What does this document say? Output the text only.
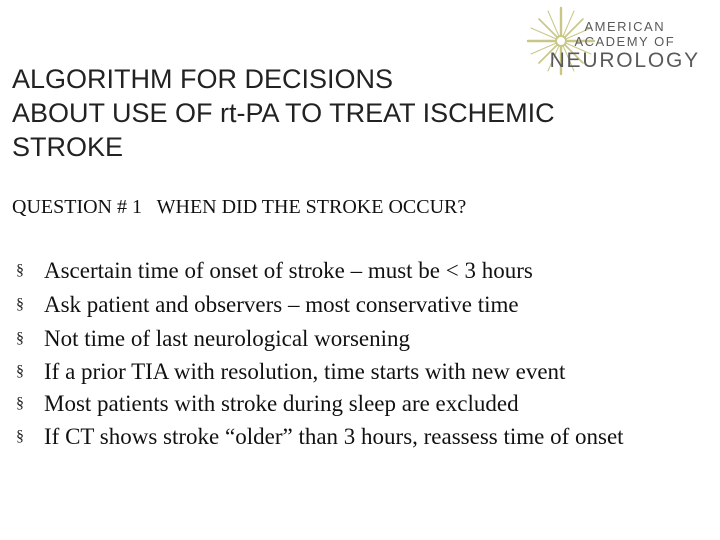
AMERICAN
ACADEMY OF
NEUROLOGY
ALGORITHM FOR DECISIONS
ABOUT USE OF rt-PA TO TREAT ISCHEMIC
STROKE

QUESTION # 1   WHEN DID THE STROKE OCCUR?

§ Ascertain time of onset of stroke – must be < 3 hours
§ Ask patient and observers – most conservative time
§ Not time of last neurological worsening
§ If a prior TIA with resolution, time starts with new event
§ Most patients with stroke during sleep are excluded
§ If CT shows stroke “older” than 3 hours, reassess time of onset
